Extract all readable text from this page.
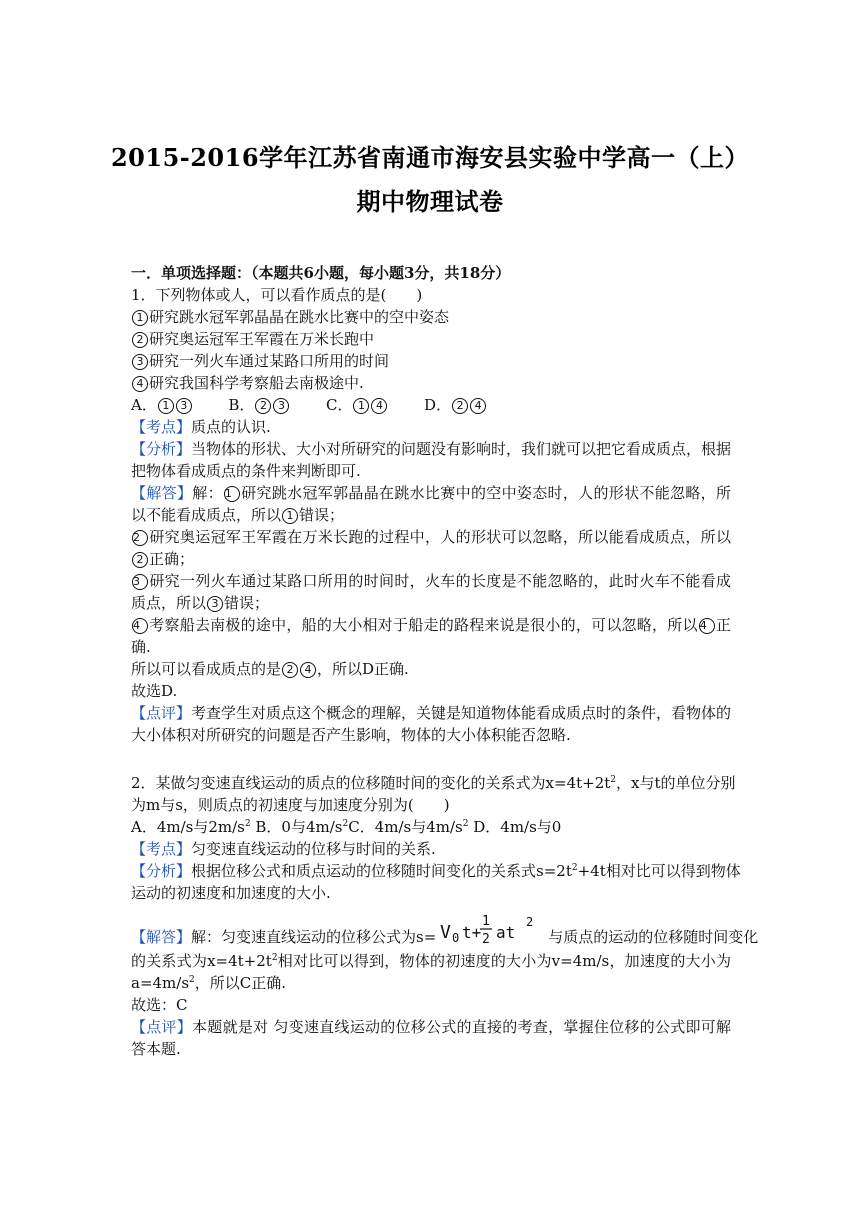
2015-2016学年江苏省南通市海安县实验中学高一（上）
期中物理试卷
一．单项选择题：（本题共6小题，每小题3分，共18分）
1．下列物体或人，可以看作质点的是(　　)
1 研究跳水冠军郭晶晶在跳水比赛中的空中姿态
2 研究奥运冠军王军霞在万米长跑中
3 研究一列火车通过某路口所用的时间
4 研究我国科学考察船去南极途中.
A． 1 3	B． 2 3	C． 1 4	D． 2 4
【考点】质点的认识.
【分析】当物体的形状、大小对所研究的问题没有影响时，我们就可以把它看成质点，根据
把物体看成质点的条件来判断即可.
【解答】解： 1 研究跳水冠军郭晶晶在跳水比赛中的空中姿态时，人的形状不能忽略，所
以不能看成质点，所以 1 错误；
2 研究奥运冠军王军霞在万米长跑的过程中，人的形状可以忽略，所以能看成质点，所以
2 正确；
3 研究一列火车通过某路口所用的时间时，火车的长度是不能忽略的，此时火车不能看成
质点，所以 3 错误；
4 考察船去南极的途中，船的大小相对于船走的路程来说是很小的，可以忽略，所以 4 正
确.
所以可以看成质点的是 2 4 ，所以D正确.
故选D.
【点评】考查学生对质点这个概念的理解，关键是知道物体能看成质点时的条件，看物体的
大小体积对所研究的问题是否产生影响，物体的大小体积能否忽略.
2．某做匀变速直线运动的质点的位移随时间的变化的关系式为$x=4t+2t^2$，x与t的单位分别
为m与s，则质点的初速度与加速度分别为(　　)
A．4m/s与$2m/s^2$ B．0与$4m/s^2C$．4m/s与$4m/s^2$ D．4m/s与0
【考点】匀变速直线运动的位移与时间的关系.
【分析】根据位移公式和质点运动的位移随时间变化的关系式$s=2t^2+4t$相对比可以得到物体
运动的初速度和加速度的大小.
【解答】解：匀变速直线运动的位移公式为s= V 0 t+
1
2 at
2
与质点的运动的位移随时间变化
的关系式为$x=4t+2t^2$相对比可以得到，物体的初速度的大小为v=4m/s，加速度的大小为
$a=4m/s^2$，所以C正确.
故选：C
【点评】本题就是对 匀变速直线运动的位移公式的直接的考查，掌握住位移的公式即可解
答本题.
